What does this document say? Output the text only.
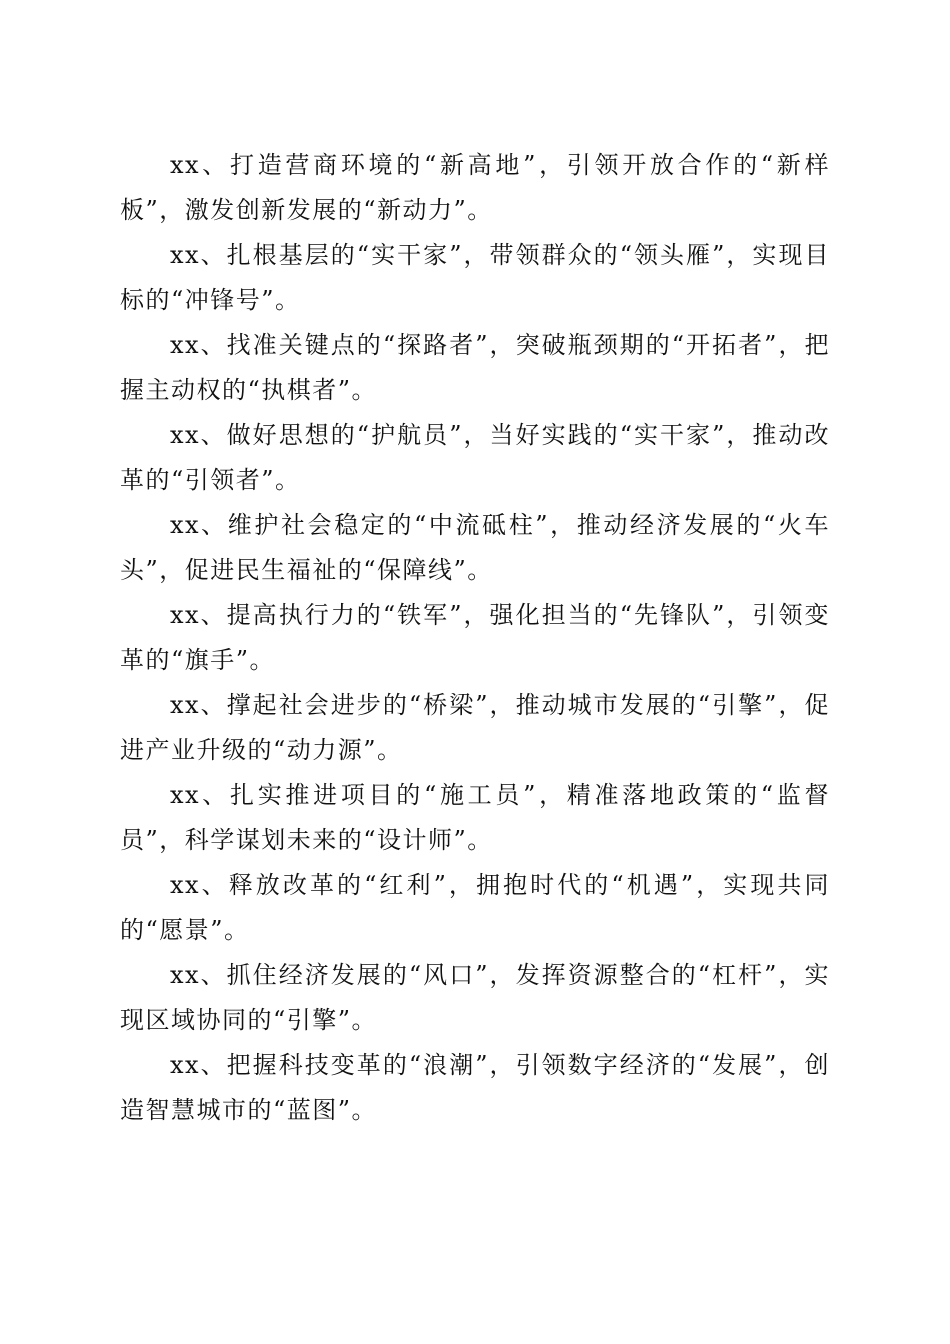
xx、打造营商环境的“新高地”，引领开放合作的“新样板”，激发创新发展的“新动力”。

xx、扎根基层的“实干家”，带领群众的“领头雁”，实现目标的“冲锋号”。

xx、找准关键点的“探路者”，突破瓶颈期的“开拓者”，把握主动权的“执棋者”。

xx、做好思想的“护航员”，当好实践的“实干家”，推动改革的“引领者”。

xx、维护社会稳定的“中流砥柱”，推动经济发展的“火车头”，促进民生福祉的“保障线”。

xx、提高执行力的“铁军”，强化担当的“先锋队”，引领变革的“旗手”。

xx、撑起社会进步的“桥梁”，推动城市发展的“引擎”，促进产业升级的“动力源”。

xx、扎实推进项目的“施工员”，精准落地政策的“监督员”，科学谋划未来的“设计师”。

xx、释放改革的“红利”，拥抱时代的“机遇”，实现共同的“愿景”。

xx、抓住经济发展的“风口”，发挥资源整合的“杠杆”，实现区域协同的“引擎”。

xx、把握科技变革的“浪潮”，引领数字经济的“发展”，创造智慧城市的“蓝图”。
